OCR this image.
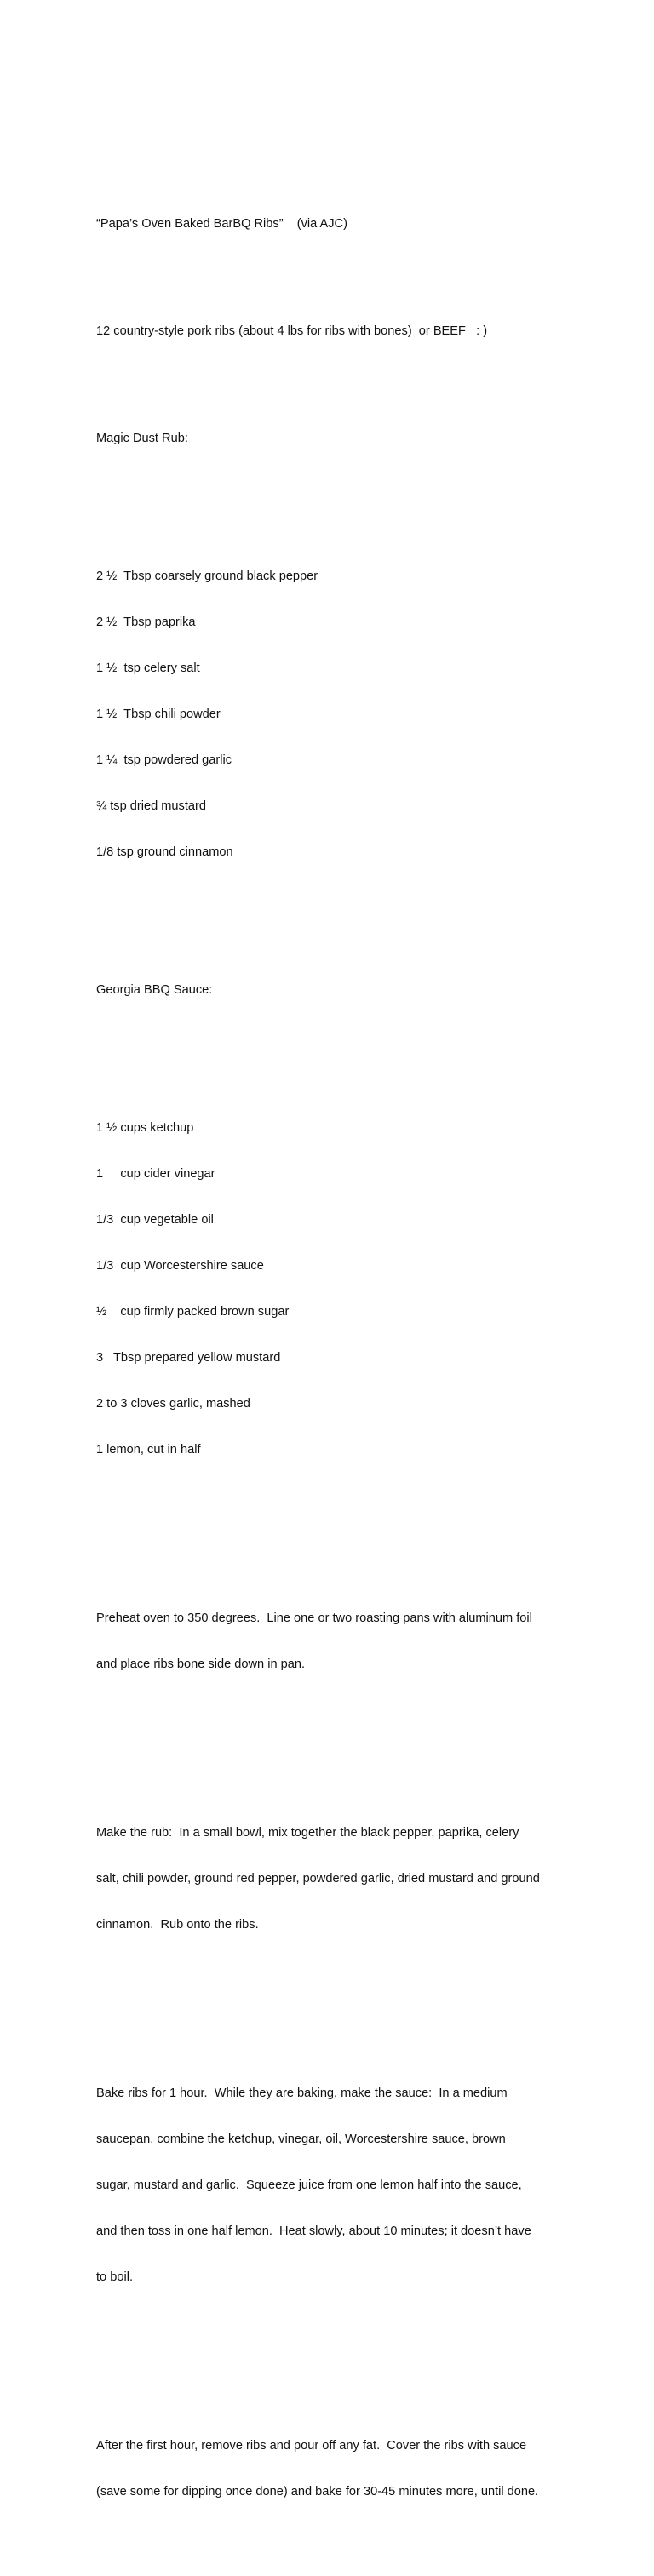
“Papa’s Oven Baked BarBQ Ribs”    (via AJC)

12 country-style pork ribs (about 4 lbs for ribs with bones)  or BEEF   : )

Magic Dust Rub:

2 ½  Tbsp coarsely ground black pepper

2 ½  Tbsp paprika

1 ½  tsp celery salt

1 ½  Tbsp chili powder

1 ¼  tsp powdered garlic

¾ tsp dried mustard

1/8 tsp ground cinnamon

Georgia BBQ Sauce:

1 ½ cups ketchup

1     cup cider vinegar

1/3  cup vegetable oil

1/3  cup Worcestershire sauce

½    cup firmly packed brown sugar

3   Tbsp prepared yellow mustard

2 to 3 cloves garlic, mashed

1 lemon, cut in half

Preheat oven to 350 degrees.  Line one or two roasting pans with aluminum foil

and place ribs bone side down in pan.

Make the rub:  In a small bowl, mix together the black pepper, paprika, celery

salt, chili powder, ground red pepper, powdered garlic, dried mustard and ground

cinnamon.  Rub onto the ribs.

Bake ribs for 1 hour.  While they are baking, make the sauce:  In a medium

saucepan, combine the ketchup, vinegar, oil, Worcestershire sauce, brown

sugar, mustard and garlic.  Squeeze juice from one lemon half into the sauce,

and then toss in one half lemon.  Heat slowly, about 10 minutes; it doesn’t have

to boil.

After the first hour, remove ribs and pour off any fat.  Cover the ribs with sauce

(save some for dipping once done) and bake for 30-45 minutes more, until done.
